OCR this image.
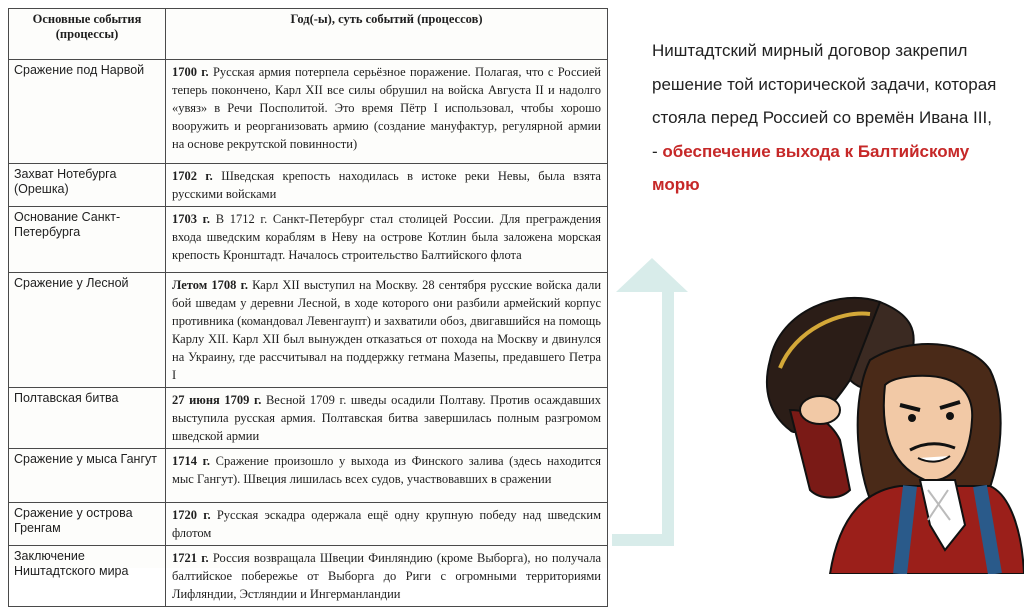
Основные события (процессы)	Год(-ы), суть событий (процессов)
Сражение под Нарвой	1700 г. Русская армия потерпела серьёзное поражение. Полагая, что с Россией теперь покончено, Карл XII все силы обрушил на войска Августа II и надолго «увяз» в Речи Посполитой. Это время Пётр I использовал, чтобы хорошо вооружить и реорганизовать армию (создание мануфактур, регулярной армии на основе рекрутской повинности)
Захват Нотебурга (Орешка)	1702 г. Шведская крепость находилась в истоке реки Невы, была взята русскими войсками
Основание Санкт-Петербурга	1703 г. В 1712 г. Санкт-Петербург стал столицей России. Для преграждения входа шведским кораблям в Неву на острове Котлин была заложена морская крепость Кронштадт. Началось строительство Балтийского флота
Сражение у Лесной	Летом 1708 г. Карл XII выступил на Москву. 28 сентября русские войска дали бой шведам у деревни Лесной, в ходе которого они разбили армейский корпус противника (командовал Левенгаупт) и захватили обоз, двигавшийся на помощь Карлу XII. Карл XII был вынужден отказаться от похода на Москву и двинулся на Украину, где рассчитывал на поддержку гетмана Мазепы, предавшего Петра I
Полтавская битва	27 июня 1709 г. Весной 1709 г. шведы осадили Полтаву. Против осаждавших выступила русская армия. Полтавская битва завершилась полным разгромом шведской армии
Сражение у мыса Гангут	1714 г. Сражение произошло у выхода из Финского залива (здесь находится мыс Гангут). Швеция лишилась всех судов, участвовавших в сражении
Сражение у острова Гренгам	1720 г. Русская эскадра одержала ещё одну крупную победу над шведским флотом
Заключение Ништадтского мира	1721 г. Россия возвращала Швеции Финляндию (кроме Выборга), но получала балтийское побережье от Выборга до Риги с огромными территориями Лифляндии, Эстляндии и Ингерманландии
Ништадтский мирный договор закрепил решение той исторической задачи, которая стояла перед Россией со времён Ивана III, - обеспечение выхода к Балтийскому морю
